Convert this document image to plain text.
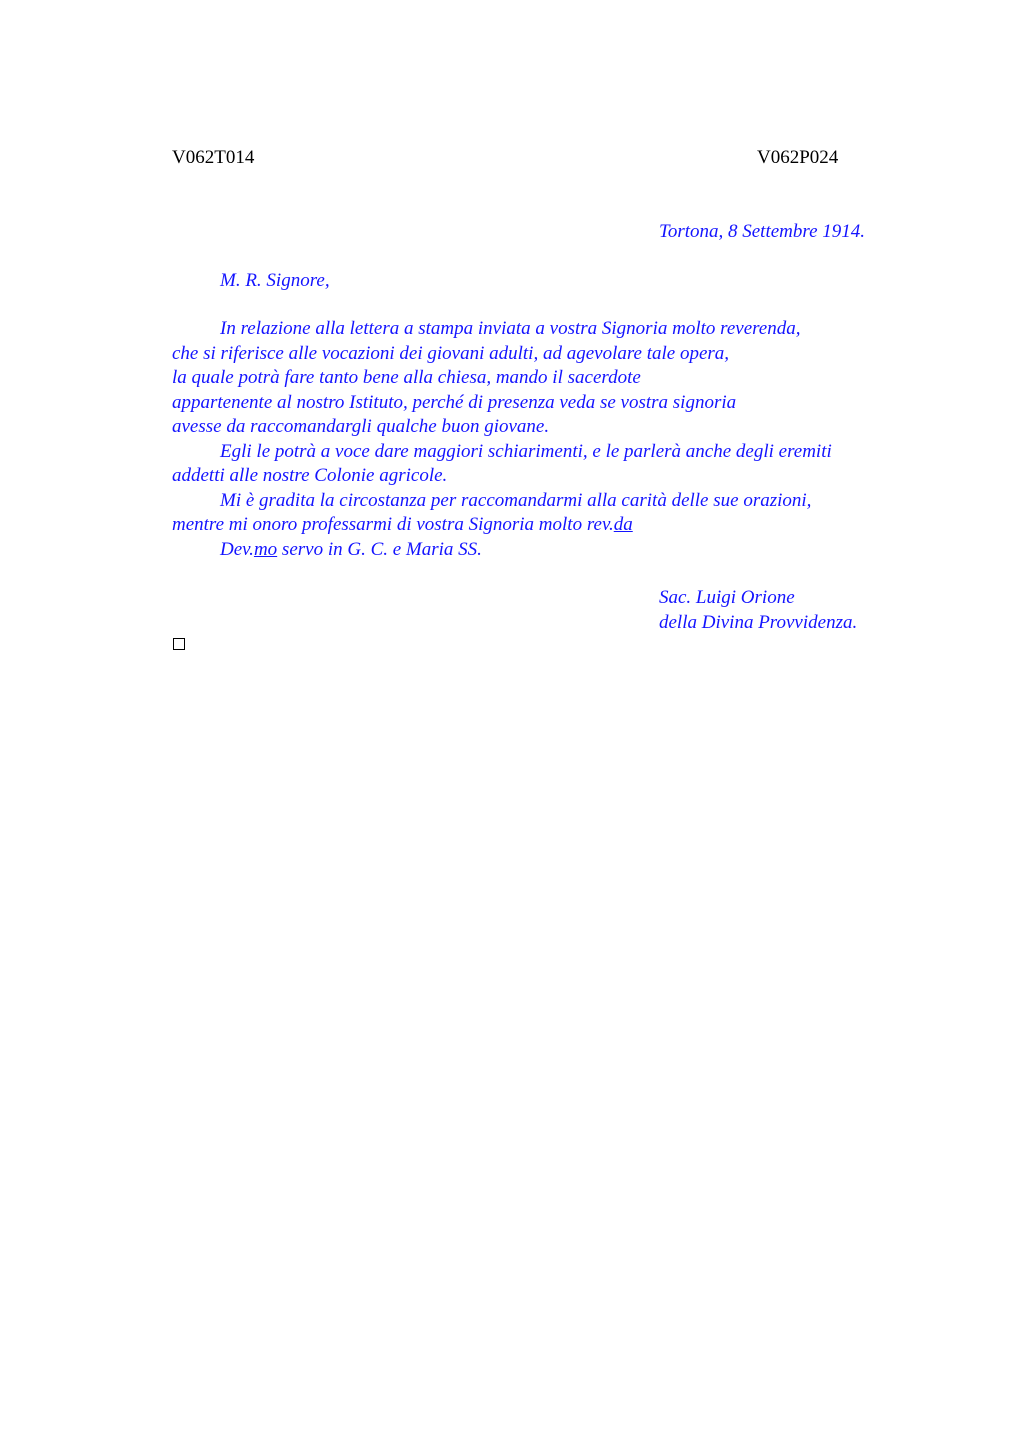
V062T014	V062P024
Tortona, 8 Settembre 1914.
M. R. Signore,
In relazione alla lettera a stampa inviata a vostra Signoria molto reverenda,
che si riferisce alle vocazioni dei giovani adulti, ad agevolare tale opera,
la quale potrà fare tanto bene alla chiesa, mando il sacerdote
appartenente al nostro Istituto, perché di presenza veda se vostra signoria
avesse da raccomandargli qualche buon giovane.
Egli le potrà a voce dare maggiori schiarimenti, e le parlerà anche degli eremiti
addetti alle nostre Colonie agricole.
Mi è gradita la circostanza per raccomandarmi alla carità delle sue orazioni,
mentre mi onoro professarmi di vostra Signoria molto rev.da
Dev.mo servo in G. C. e Maria SS.
Sac. Luigi Orione
della Divina Provvidenza.
